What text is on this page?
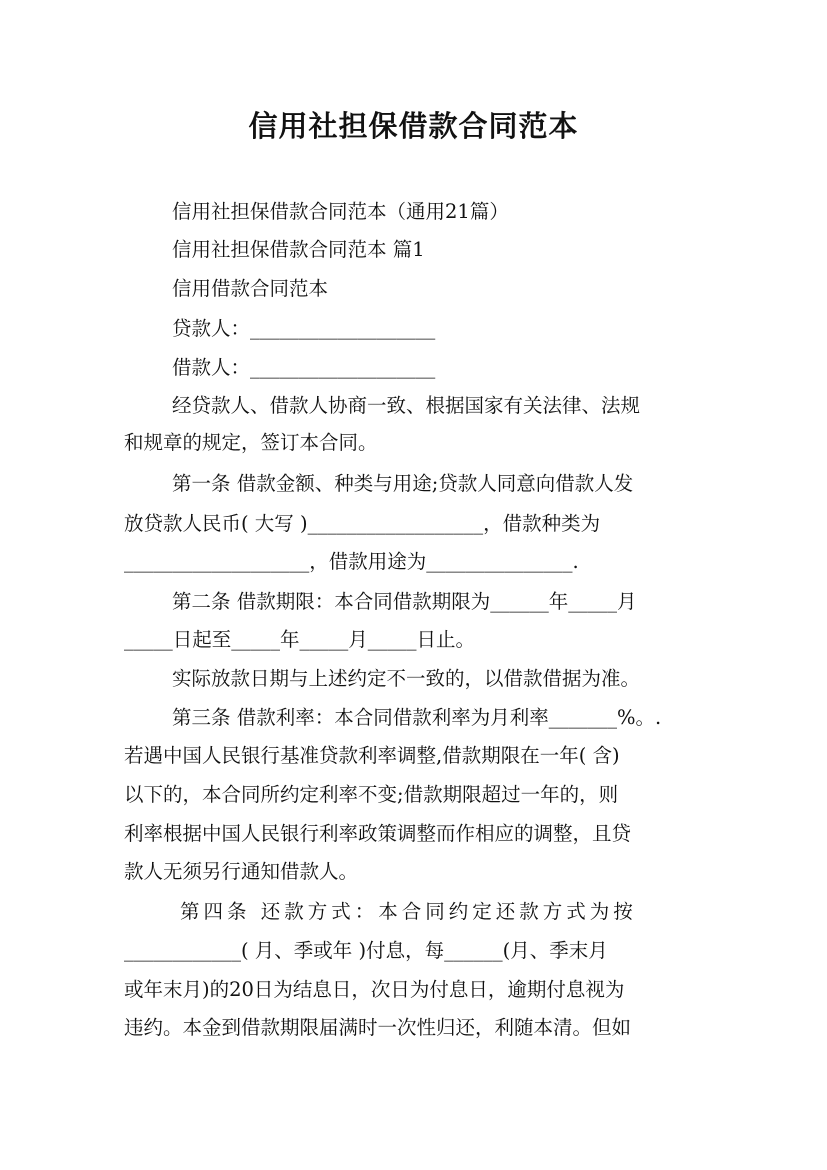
信用社担保借款合同范本

信用社担保借款合同范本（通用21篇）

信用社担保借款合同范本 篇1

信用借款合同范本

贷款人：___________________

借款人：___________________

经贷款人、借款人协商一致、根据国家有关法律、法规

和规章的规定，签订本合同。

第一条 借款金额、种类与用途;贷款人同意向借款人发

放贷款人民币( 大写 )__________________，借款种类为

___________________，借款用途为_______________.

第二条 借款期限：本合同借款期限为______年_____月

_____日起至_____年_____月_____日止。

实际放款日期与上述约定不一致的，以借款借据为准。

第三条 借款利率：本合同借款利率为月利率_______%。.

若遇中国人民银行基准贷款利率调整,借款期限在一年( 含)

以下的，本合同所约定利率不变;借款期限超过一年的，则

利率根据中国人民银行利率政策调整而作相应的调整，且贷

款人无须另行通知借款人。

第四条 还款方式：本合同约定还款方式为按

____________( 月、季或年 )付息，每______(月、季末月

或年末月)的20日为结息日，次日为付息日，逾期付息视为

违约。本金到借款期限届满时一次性归还，利随本清。但如
